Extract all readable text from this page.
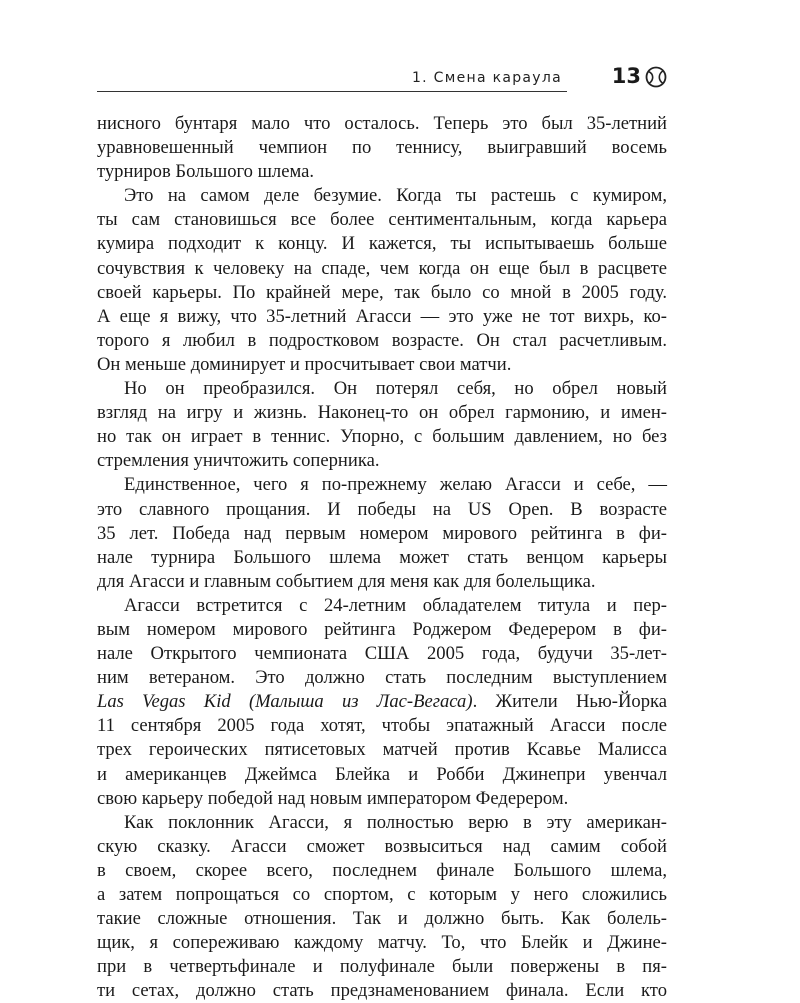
1. Смена караула 13

нисного бунтаря мало что осталось. Теперь это был 35-летний

уравновешенный чемпион по теннису, выигравший восемь

турниров Большого шлема.

Это на самом деле безумие. Когда ты растешь с кумиром,

ты сам становишься все более сентиментальным, когда карьера

кумира подходит к концу. И кажется, ты испытываешь больше

сочувствия к человеку на спаде, чем когда он еще был в расцвете

своей карьеры. По крайней мере, так было со мной в 2005 году.

А еще я вижу, что 35-летний Агасси — это уже не тот вихрь, ко-

торого я любил в подростковом возрасте. Он стал расчетливым.

Он меньше доминирует и просчитывает свои матчи.

Но он преобразился. Он потерял себя, но обрел новый

взгляд на игру и жизнь. Наконец-то он обрел гармонию, и имен-

но так он играет в теннис. Упорно, с большим давлением, но без

стремления уничтожить соперника.

Единственное, чего я по-прежнему желаю Агасси и себе, —

это славного прощания. И победы на US Open. В возрасте

35 лет. Победа над первым номером мирового рейтинга в фи-

нале турнира Большого шлема может стать венцом карьеры

для Агасси и главным событием для меня как для болельщика.

Агасси встретится с 24-летним обладателем титула и пер-

вым номером мирового рейтинга Роджером Федерером в фи-

нале Открытого чемпионата США 2005 года, будучи 35-лет-

ним ветераном. Это должно стать последним выступлением

Las Vegas Kid (Малыша из Лас-Вегаса). Жители Нью-Йорка

11 сентября 2005 года хотят, чтобы эпатажный Агасси после

трех героических пятисетовых матчей против Ксавье Малисса

и американцев Джеймса Блейка и Робби Джинепри увенчал

свою карьеру победой над новым императором Федерером.

Как поклонник Агасси, я полностью верю в эту американ-

скую сказку. Агасси сможет возвыситься над самим собой

в своем, скорее всего, последнем финале Большого шлема,

а затем попрощаться со спортом, с которым у него сложились

такие сложные отношения. Так и должно быть. Как болель-

щик, я сопереживаю каждому матчу. То, что Блейк и Джине-

при в четвертьфинале и полуфинале были повержены в пя-

ти сетах, должно стать предзнаменованием финала. Если кто
